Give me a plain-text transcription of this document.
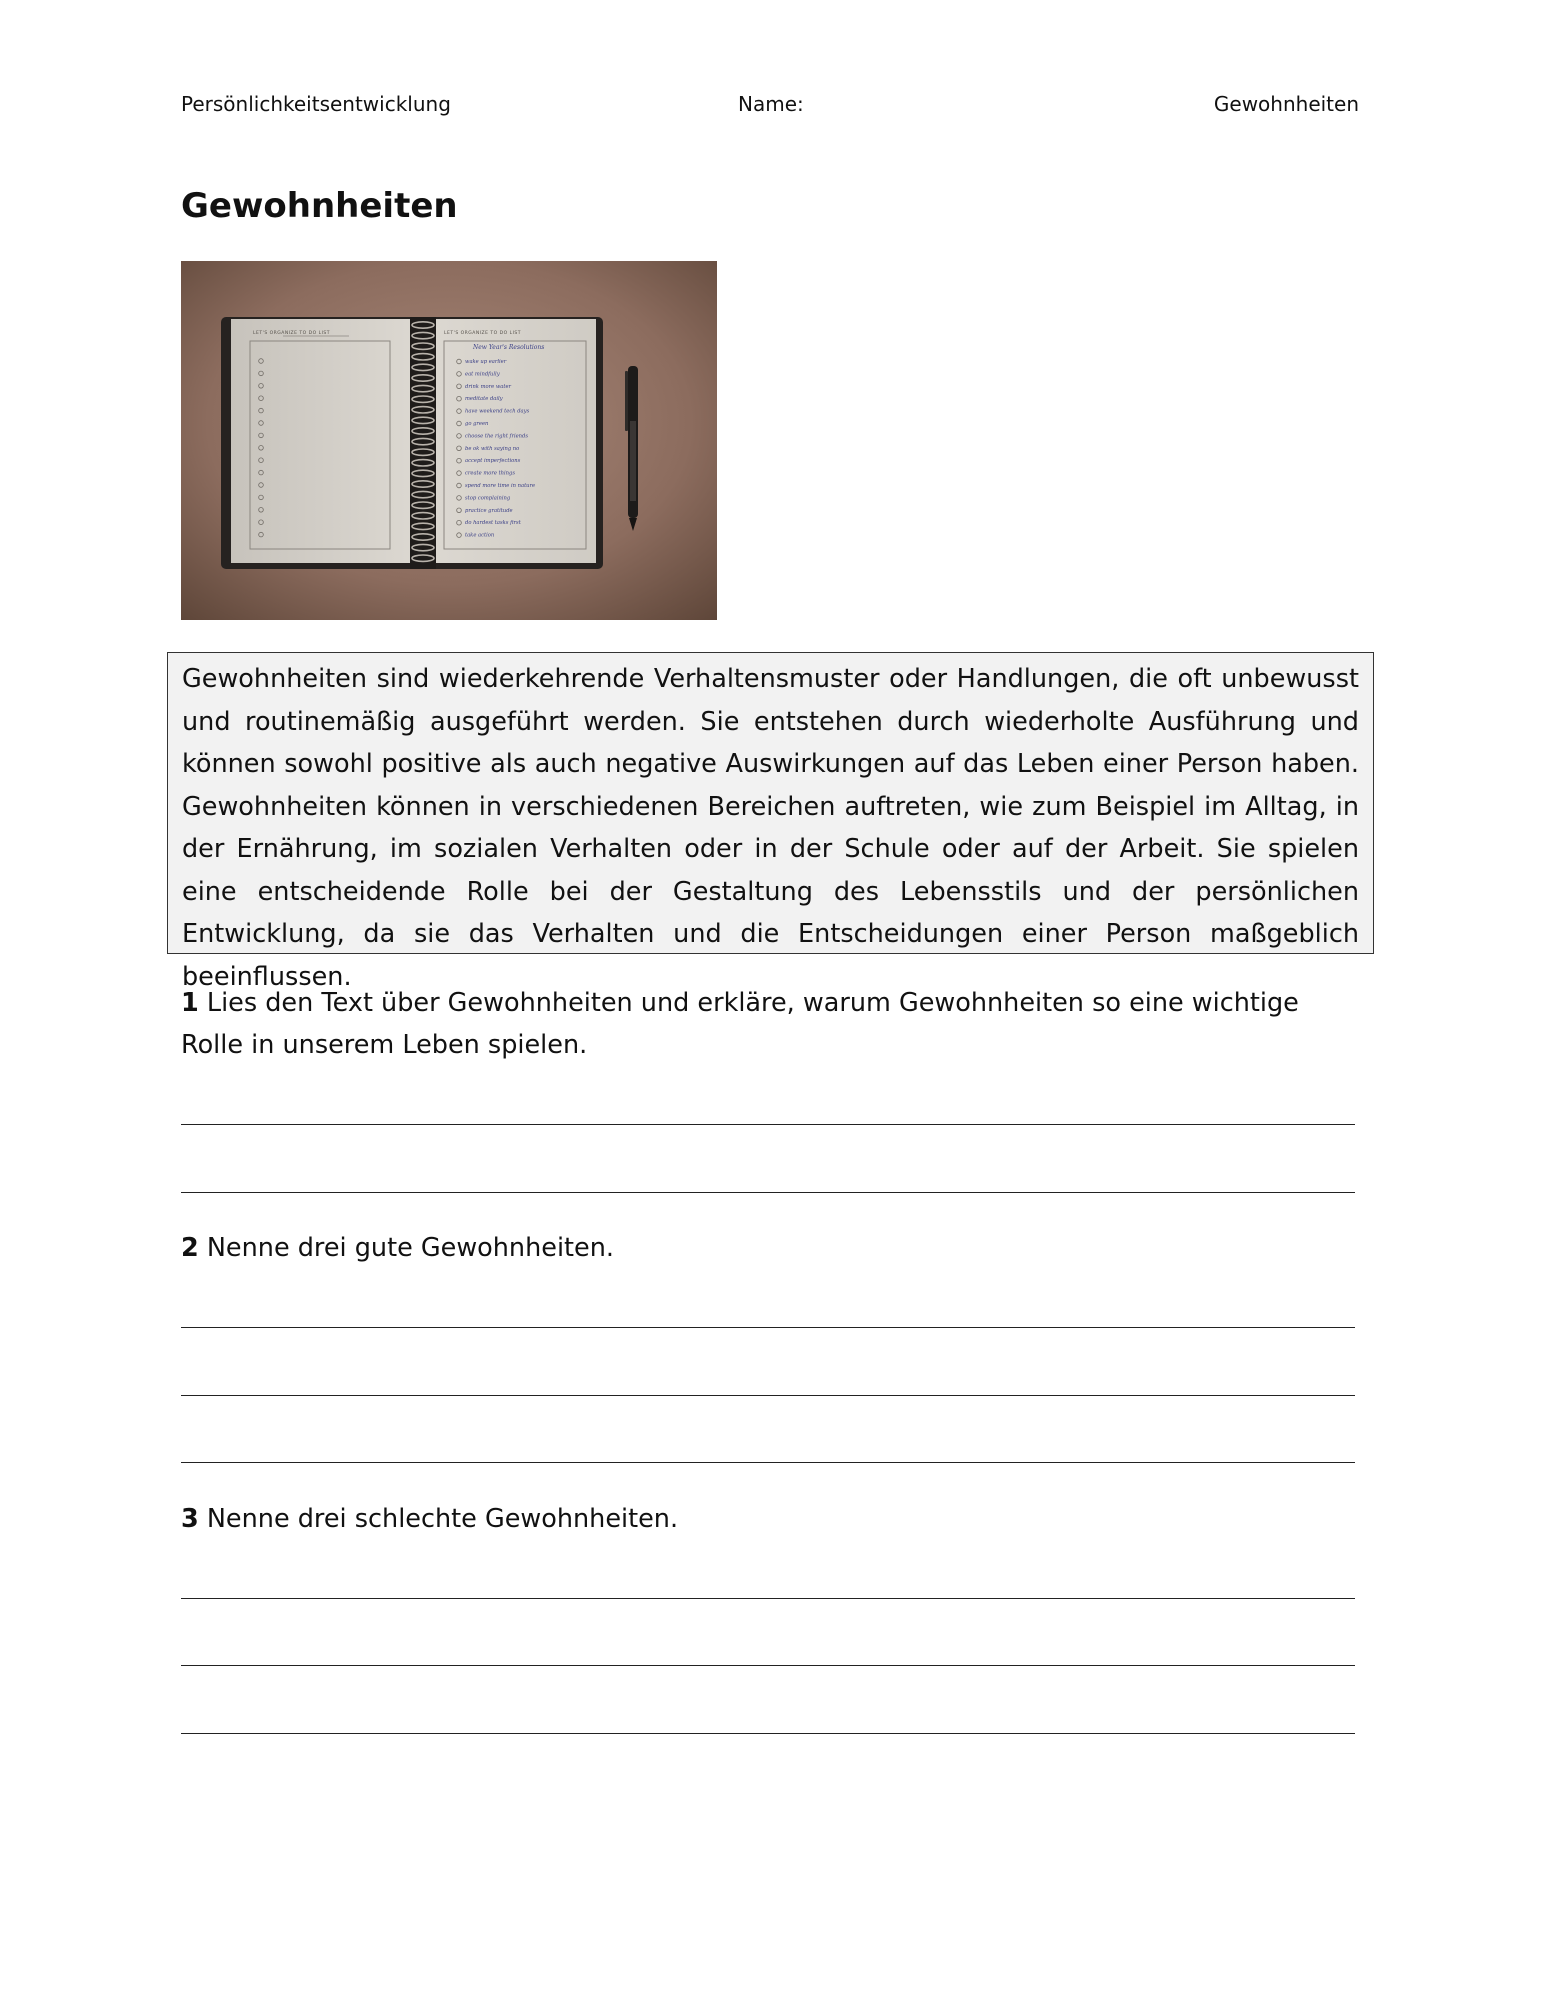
Persönlichkeitsentwicklung	Name:	Gewohnheiten
Gewohnheiten
LET'S ORGANIZE TO DO LIST	LET'S ORGANIZE TO DO LIST
New Year's Resolutions
wake up earlier
eat mindfully
drink more water
meditate daily
have weekend tech days
go green
choose the right friends
be ok with saying no
accept imperfections
create more things
spend more time in nature
stop complaining
practice gratitude
do hardest tasks first
take action
Gewohnheiten sind wiederkehrende Verhaltensmuster oder Handlungen, die oft unbewusst und routinemäßig ausgeführt werden. Sie entstehen durch wiederholte Ausführung und können sowohl positive als auch negative Auswirkungen auf das Leben einer Person haben. Gewohnheiten können in verschiedenen Bereichen auftreten, wie zum Beispiel im Alltag, in der Ernährung, im sozialen Verhalten oder in der Schule oder auf der Arbeit. Sie spielen eine entscheidende Rolle bei der Gestaltung des Lebensstils und der persönlichen Entwicklung, da sie das Verhalten und die Entscheidungen einer Person maßgeblich beeinflussen.
1 Lies den Text über Gewohnheiten und erkläre, warum Gewohnheiten so eine wichtige Rolle in unserem Leben spielen.
2 Nenne drei gute Gewohnheiten.
3 Nenne drei schlechte Gewohnheiten.
